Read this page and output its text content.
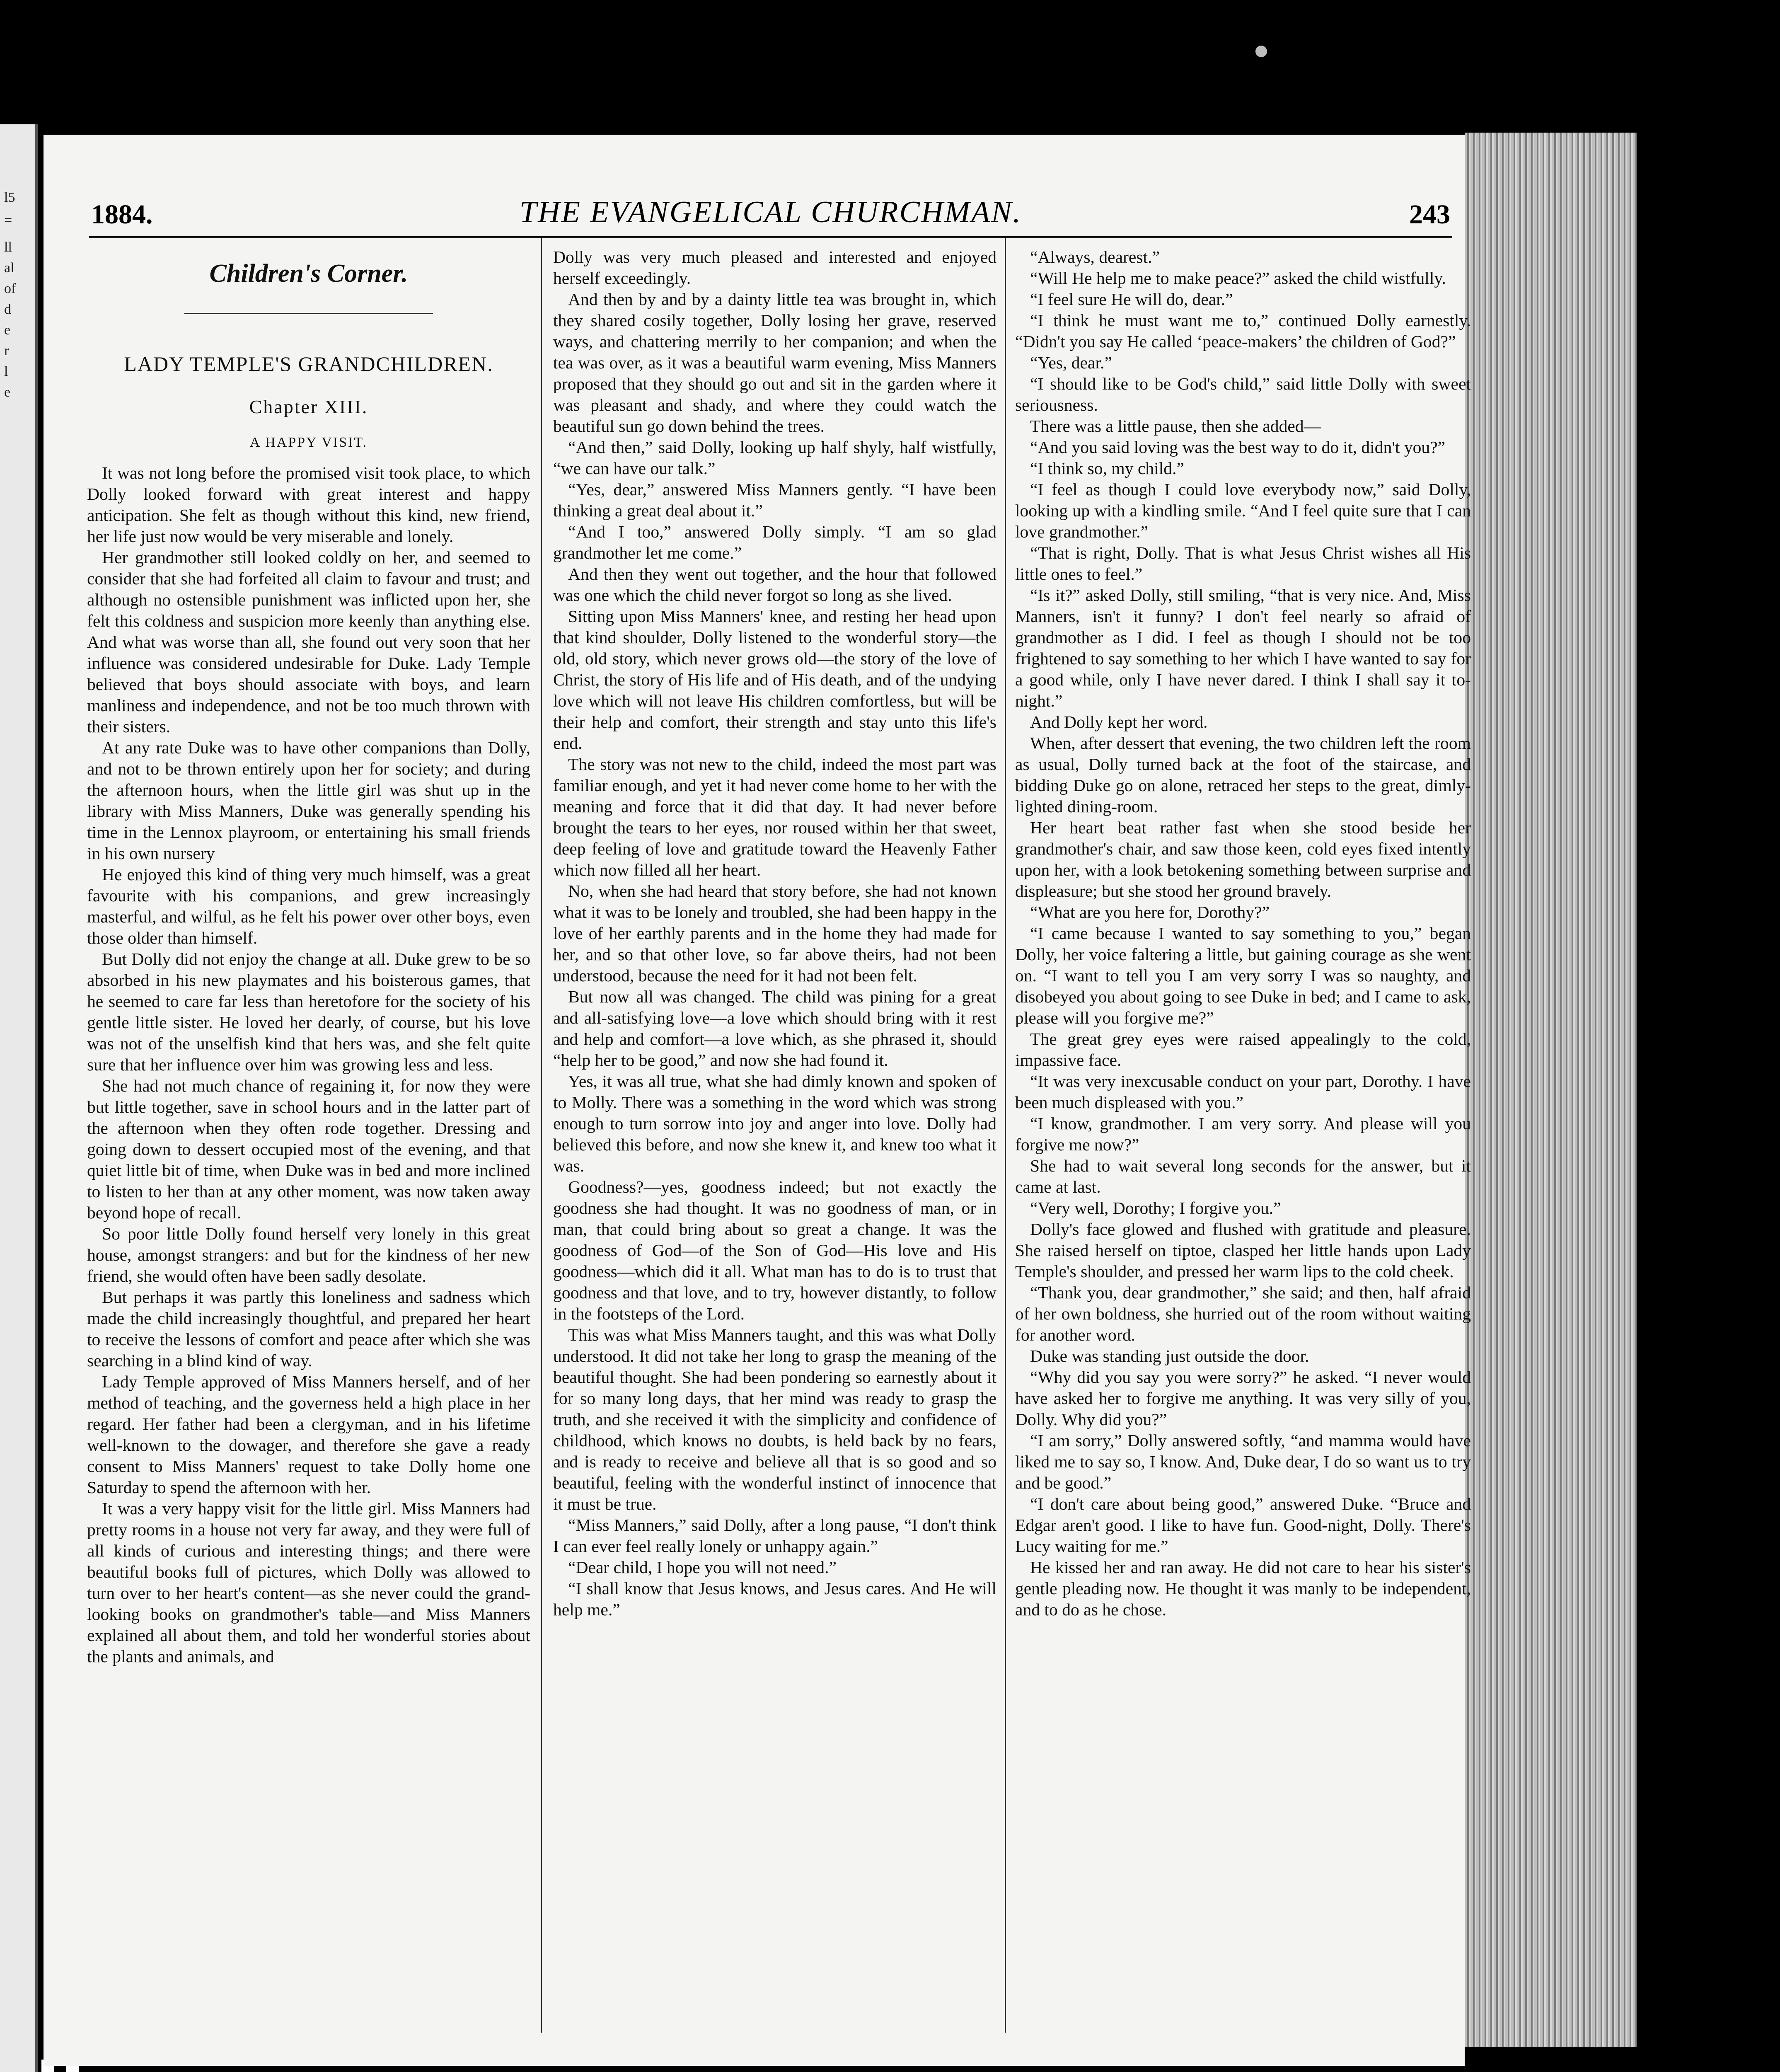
l5
=
ll
al
of
d
e
r
l
e
1884.	THE EVANGELICAL CHURCHMAN.	243
Children's Corner.
LADY TEMPLE'S GRANDCHILDREN.
Chapter XIII.
A HAPPY VISIT.

It was not long before the promised visit took place, to which Dolly looked forward with great interest and happy anticipation. She felt as though without this kind, new friend, her life just now would be very miserable and lonely.

Her grandmother still looked coldly on her, and seemed to consider that she had forfeited all claim to favour and trust; and although no ostensible punishment was inflicted upon her, she felt this coldness and suspicion more keenly than anything else. And what was worse than all, she found out very soon that her influence was considered undesirable for Duke. Lady Temple believed that boys should associate with boys, and learn manliness and independence, and not be too much thrown with their sisters.

At any rate Duke was to have other companions than Dolly, and not to be thrown entirely upon her for society; and during the afternoon hours, when the little girl was shut up in the library with Miss Manners, Duke was generally spending his time in the Lennox playroom, or entertaining his small friends in his own nursery

He enjoyed this kind of thing very much himself, was a great favourite with his companions, and grew increasingly masterful, and wilful, as he felt his power over other boys, even those older than himself.

But Dolly did not enjoy the change at all. Duke grew to be so absorbed in his new playmates and his boisterous games, that he seemed to care far less than heretofore for the society of his gentle little sister. He loved her dearly, of course, but his love was not of the unselfish kind that hers was, and she felt quite sure that her influence over him was growing less and less.

She had not much chance of regaining it, for now they were but little together, save in school hours and in the latter part of the afternoon when they often rode together. Dressing and going down to dessert occupied most of the evening, and that quiet little bit of time, when Duke was in bed and more inclined to listen to her than at any other moment, was now taken away beyond hope of recall.

So poor little Dolly found herself very lonely in this great house, amongst strangers: and but for the kindness of her new friend, she would often have been sadly desolate.

But perhaps it was partly this loneliness and sadness which made the child increasingly thoughtful, and prepared her heart to receive the lessons of comfort and peace after which she was searching in a blind kind of way.

Lady Temple approved of Miss Manners herself, and of her method of teaching, and the governess held a high place in her regard. Her father had been a clergyman, and in his lifetime well-known to the dowager, and therefore she gave a ready consent to Miss Manners' request to take Dolly home one Saturday to spend the afternoon with her.

It was a very happy visit for the little girl. Miss Manners had pretty rooms in a house not very far away, and they were full of all kinds of curious and interesting things; and there were beautiful books full of pictures, which Dolly was allowed to turn over to her heart's content—as she never could the grand-looking books on grandmother's table—and Miss Manners explained all about them, and told her wonderful stories about the plants and animals, and

Dolly was very much pleased and interested and enjoyed herself exceedingly.

And then by and by a dainty little tea was brought in, which they shared cosily together, Dolly losing her grave, reserved ways, and chattering merrily to her companion; and when the tea was over, as it was a beautiful warm evening, Miss Manners proposed that they should go out and sit in the garden where it was pleasant and shady, and where they could watch the beautiful sun go down behind the trees.

“And then,” said Dolly, looking up half shyly, half wistfully, “we can have our talk.”

“Yes, dear,” answered Miss Manners gently. “I have been thinking a great deal about it.”

“And I too,” answered Dolly simply. “I am so glad grandmother let me come.”

And then they went out together, and the hour that followed was one which the child never forgot so long as she lived.

Sitting upon Miss Manners' knee, and resting her head upon that kind shoulder, Dolly listened to the wonderful story—the old, old story, which never grows old—the story of the love of Christ, the story of His life and of His death, and of the undying love which will not leave His children comfortless, but will be their help and comfort, their strength and stay unto this life's end.

The story was not new to the child, indeed the most part was familiar enough, and yet it had never come home to her with the meaning and force that it did that day. It had never before brought the tears to her eyes, nor roused within her that sweet, deep feeling of love and gratitude toward the Heavenly Father which now filled all her heart.

No, when she had heard that story before, she had not known what it was to be lonely and troubled, she had been happy in the love of her earthly parents and in the home they had made for her, and so that other love, so far above theirs, had not been understood, because the need for it had not been felt.

But now all was changed. The child was pining for a great and all-satisfying love—a love which should bring with it rest and help and comfort—a love which, as she phrased it, should “help her to be good,” and now she had found it.

Yes, it was all true, what she had dimly known and spoken of to Molly. There was a something in the word which was strong enough to turn sorrow into joy and anger into love. Dolly had believed this before, and now she knew it, and knew too what it was.

Goodness?—yes, goodness indeed; but not exactly the goodness she had thought. It was no goodness of man, or in man, that could bring about so great a change. It was the goodness of God—of the Son of God—His love and His goodness—which did it all. What man has to do is to trust that goodness and that love, and to try, however distantly, to follow in the footsteps of the Lord.

This was what Miss Manners taught, and this was what Dolly understood. It did not take her long to grasp the meaning of the beautiful thought. She had been pondering so earnestly about it for so many long days, that her mind was ready to grasp the truth, and she received it with the simplicity and confidence of childhood, which knows no doubts, is held back by no fears, and is ready to receive and believe all that is so good and so beautiful, feeling with the wonderful instinct of innocence that it must be true.

“Miss Manners,” said Dolly, after a long pause, “I don't think I can ever feel really lonely or unhappy again.”

“Dear child, I hope you will not need.”

“I shall know that Jesus knows, and Jesus cares. And He will help me.”

“Always, dearest.”

“Will He help me to make peace?” asked the child wistfully.

“I feel sure He will do, dear.”

“I think he must want me to,” continued Dolly earnestly. “Didn't you say He called ‘peace-makers’ the children of God?”

“Yes, dear.”

“I should like to be God's child,” said little Dolly with sweet seriousness.

There was a little pause, then she added—

“And you said loving was the best way to do it, didn't you?”

“I think so, my child.”

“I feel as though I could love everybody now,” said Dolly, looking up with a kindling smile. “And I feel quite sure that I can love grandmother.”

“That is right, Dolly. That is what Jesus Christ wishes all His little ones to feel.”

“Is it?” asked Dolly, still smiling, “that is very nice. And, Miss Manners, isn't it funny? I don't feel nearly so afraid of grandmother as I did. I feel as though I should not be too frightened to say something to her which I have wanted to say for a good while, only I have never dared. I think I shall say it to-night.”

And Dolly kept her word.

When, after dessert that evening, the two children left the room as usual, Dolly turned back at the foot of the staircase, and bidding Duke go on alone, retraced her steps to the great, dimly-lighted dining-room.

Her heart beat rather fast when she stood beside her grandmother's chair, and saw those keen, cold eyes fixed intently upon her, with a look betokening something between surprise and displeasure; but she stood her ground bravely.

“What are you here for, Dorothy?”

“I came because I wanted to say something to you,” began Dolly, her voice faltering a little, but gaining courage as she went on. “I want to tell you I am very sorry I was so naughty, and disobeyed you about going to see Duke in bed; and I came to ask, please will you forgive me?”

The great grey eyes were raised appealingly to the cold, impassive face.

“It was very inexcusable conduct on your part, Dorothy. I have been much displeased with you.”

“I know, grandmother. I am very sorry. And please will you forgive me now?”

She had to wait several long seconds for the answer, but it came at last.

“Very well, Dorothy; I forgive you.”

Dolly's face glowed and flushed with gratitude and pleasure. She raised herself on tiptoe, clasped her little hands upon Lady Temple's shoulder, and pressed her warm lips to the cold cheek.

“Thank you, dear grandmother,” she said; and then, half afraid of her own boldness, she hurried out of the room without waiting for another word.

Duke was standing just outside the door.

“Why did you say you were sorry?” he asked. “I never would have asked her to forgive me anything. It was very silly of you, Dolly. Why did you?”

“I am sorry,” Dolly answered softly, “and mamma would have liked me to say so, I know. And, Duke dear, I do so want us to try and be good.”

“I don't care about being good,” answered Duke. “Bruce and Edgar aren't good. I like to have fun. Good-night, Dolly. There's Lucy waiting for me.”

He kissed her and ran away. He did not care to hear his sister's gentle pleading now. He thought it was manly to be independent, and to do as he chose.
